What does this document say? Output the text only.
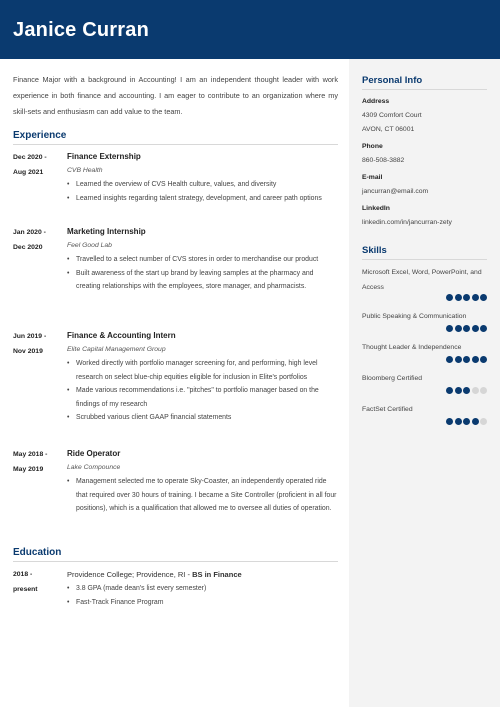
Janice Curran

Finance Major with a background in Accounting! I am an independent thought leader with work experience in both finance and accounting. I am eager to contribute to an organization where my skill-sets and enthusiasm can add value to the team.

Experience
Dec 2020 -
Aug 2021
Finance Externship
CVB Health
• Learned the overview of CVS Health culture, values, and diversity
• Learned insights regarding talent strategy, development, and career path options
Jan 2020 -
Dec 2020
Marketing Internship
Feel Good Lab
• Travelled to a select number of CVS stores in order to merchandise our product
• Built awareness of the start up brand by leaving samples at the pharmacy and creating relationships with the employees, store manager, and pharmacists.
Jun 2019 -
Nov 2019
Finance & Accounting Intern
Elite Capital Management Group
• Worked directly with portfolio manager screening for, and performing, high level research on select blue-chip equities eligible for inclusion in Elite's portfolios
• Made various recommendations i.e. "pitches" to portfolio manager based on the findings of my research
• Scrubbed various client GAAP financial statements
May 2018 -
May 2019
Ride Operator
Lake Compounce
• Management selected me to operate Sky-Coaster, an independently operated ride that required over 30 hours of training. I became a Site Controller (proficient in all four positions), which is a qualification that allowed me to oversee all duties of operation.
Education
2018 -
present
Providence College; Providence, RI - BS in Finance
• 3.8 GPA (made dean's list every semester)
• Fast-Track Finance Program
Personal Info
Address
4309 Comfort Court
AVON, CT 06001
Phone
860-508-3882
E-mail
jancurran@email.com
LinkedIn
linkedin.com/in/jancurran-zety
Skills
Microsoft Excel, Word, PowerPoint, and Access
Public Speaking & Communication
Thought Leader & Independence
Bloomberg Certified
FactSet Certified
